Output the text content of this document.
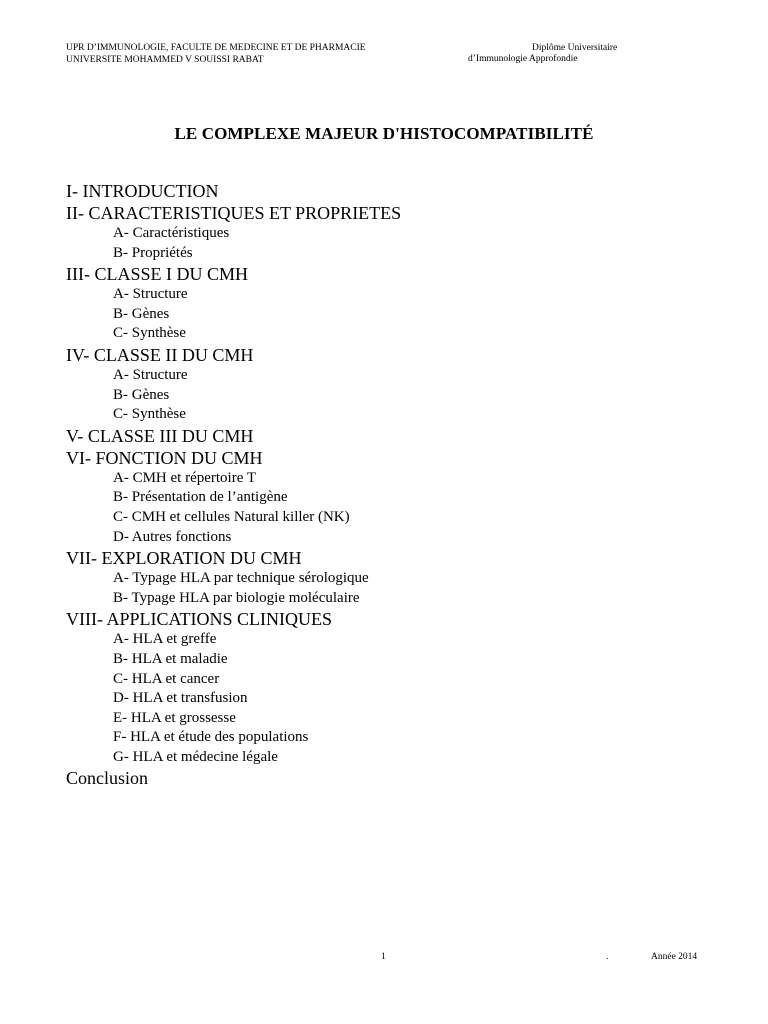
UPR D’IMMUNOLOGIE, FACULTE DE MEDECINE ET DE PHARMACIE
UNIVERSITE MOHAMMED V SOUISSI RABAT
Diplôme Universitaire
d’Immunologie Approfondie
LE COMPLEXE MAJEUR D'HISTOCOMPATIBILITÉ
I- INTRODUCTION
II- CARACTERISTIQUES ET PROPRIETES
A- Caractéristiques
B- Propriétés
III- CLASSE I DU CMH
A- Structure
B- Gènes
C- Synthèse
IV- CLASSE II DU CMH
A- Structure
B- Gènes
C- Synthèse
V- CLASSE III DU CMH
VI- FONCTION DU CMH
A- CMH et répertoire T
B- Présentation de l’antigène
C- CMH et cellules Natural killer (NK)
D- Autres fonctions
VII- EXPLORATION DU CMH
A- Typage HLA par technique sérologique
B- Typage HLA par biologie moléculaire
VIII- APPLICATIONS CLINIQUES
A- HLA et greffe
B- HLA et maladie
C- HLA et cancer
D- HLA et transfusion
E- HLA et grossesse
F- HLA et étude des populations
G- HLA et médecine légale
Conclusion
1	.	Année 2014
